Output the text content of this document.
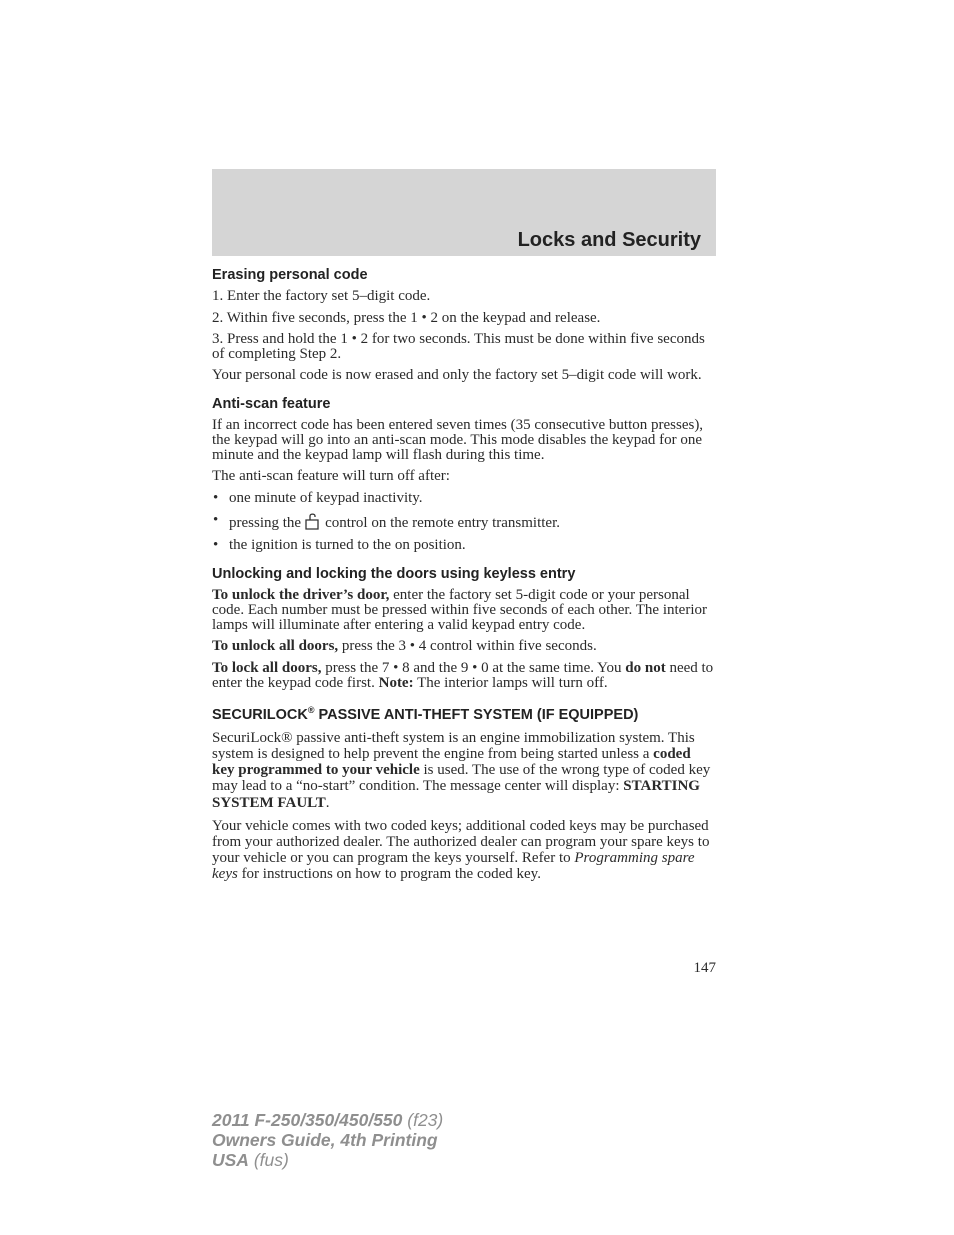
Locks and Security
Erasing personal code

1. Enter the factory set 5–digit code.

2. Within five seconds, press the 1 • 2 on the keypad and release.

3. Press and hold the 1 • 2 for two seconds. This must be done within five seconds of completing Step 2.

Your personal code is now erased and only the factory set 5–digit code will work.

Anti-scan feature

If an incorrect code has been entered seven times (35 consecutive button presses), the keypad will go into an anti-scan mode. This mode disables the keypad for one minute and the keypad lamp will flash during this time.

The anti-scan feature will turn off after:

• one minute of keypad inactivity.
• pressing the control on the remote entry transmitter.
• the ignition is turned to the on position.
Unlocking and locking the doors using keyless entry

To unlock the driver’s door, enter the factory set 5-digit code or your personal code. Each number must be pressed within five seconds of each other. The interior lamps will illuminate after entering a valid keypad entry code.

To unlock all doors, press the 3 • 4 control within five seconds.

To lock all doors, press the 7 • 8 and the 9 • 0 at the same time. You do not need to enter the keypad code first. Note: The interior lamps will turn off.

SECURILOCK® PASSIVE ANTI-THEFT SYSTEM (IF EQUIPPED)

SecuriLock® passive anti-theft system is an engine immobilization system. This system is designed to help prevent the engine from being started unless a coded key programmed to your vehicle is used. The use of the wrong type of coded key may lead to a “no-start” condition. The message center will display: STARTING SYSTEM FAULT.

Your vehicle comes with two coded keys; additional coded keys may be purchased from your authorized dealer. The authorized dealer can program your spare keys to your vehicle or you can program the keys yourself. Refer to Programming spare keys for instructions on how to program the coded key.

147
2011 F-250/350/450/550 (f23)
Owners Guide, 4th Printing
USA (fus)
